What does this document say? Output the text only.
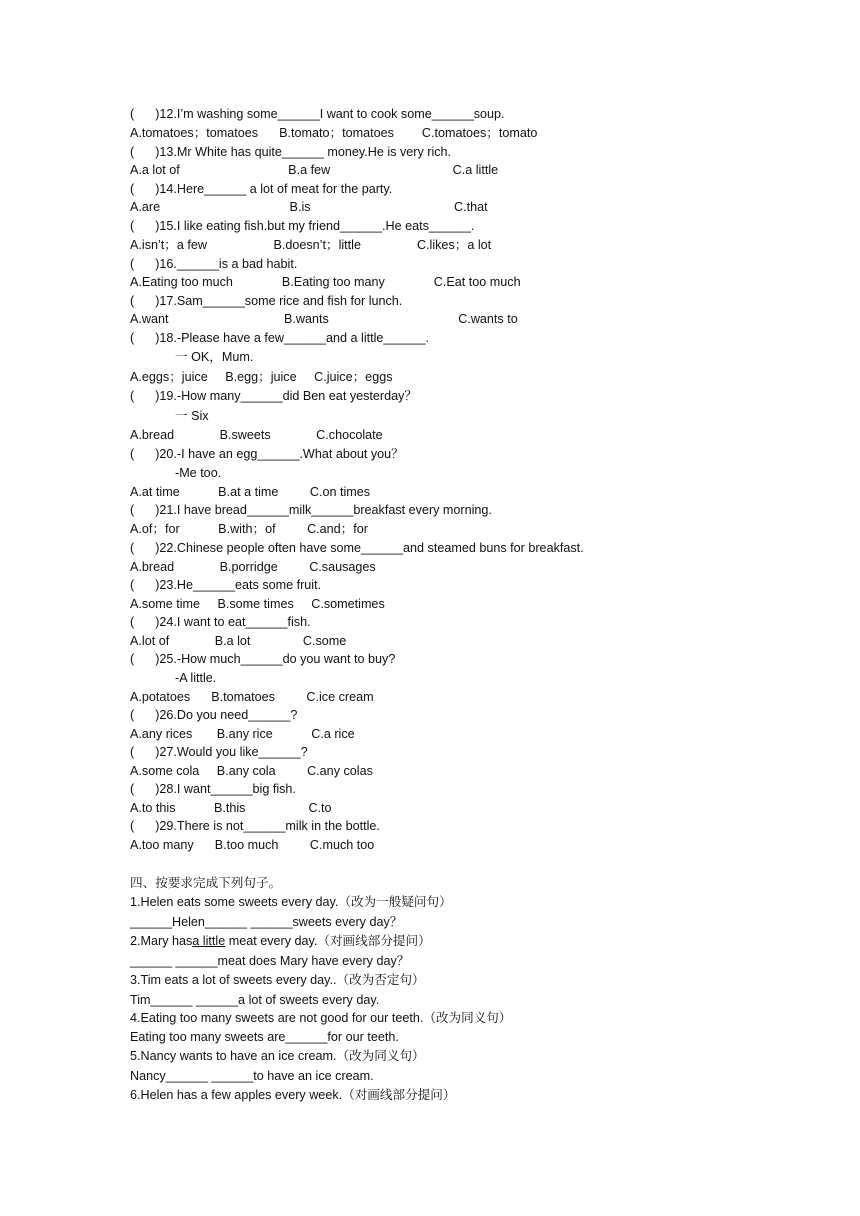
(      )12.I’m washing some______I want to cook some______soup.
A.tomatoes；tomatoes      B.tomato；tomatoes        C.tomatoes；tomato
(      )13.Mr White has quite______ money.He is very rich.
A.a lot of                               B.a few                                   C.a little
(      )14.Here______ a lot of meat for the party.
A.are                                     B.is                                         C.that
(      )15.I like eating fish.but my friend______.He eats______.
A.isn’t；a few                   B.doesn’t；little                C.likes；a lot
(      )16.______is a bad habit.
A.Eating too much              B.Eating too many              C.Eat too much
(      )17.Sam______some rice and fish for lunch.
A.want                                 B.wants                                     C.wants to
(      )18.-Please have a few______and a little______.
一 OK，Mum.
A.eggs；juice     B.egg；juice     C.juice；eggs
(      )19.-How many______did Ben eat yesterday？
一 Six
A.bread             B.sweets             C.chocolate
(      )20.-I have an egg______.What about you？
-Me too.
A.at time           B.at a time         C.on times
(      )21.I have bread______milk______breakfast every morning.
A.of；for           B.with；of         C.and；for
(      )22.Chinese people often have some______and steamed buns for breakfast.
A.bread             B.porridge         C.sausages
(      )23.He______eats some fruit.
A.some time     B.some times     C.sometimes
(      )24.I want to eat______fish.
A.lot of             B.a lot               C.some
(      )25.-How much______do you want to buy?
-A little.
A.potatoes      B.tomatoes         C.ice cream
(      )26.Do you need______?
A.any rices       B.any rice           C.a rice
(      )27.Would you like______?
A.some cola     B.any cola         C.any colas
(      )28.I want______big fish.
A.to this           B.this                  C.to
(      )29.There is not______milk in the bottle.
A.too many      B.too much         C.much too
四、按要求完成下列句子。
1.Helen eats some sweets every day.（改为一般疑问句）
______Helen______ ______sweets every day？
2.Mary hasa little meat every day.（对画线部分提问）
______ ______meat does Mary have every day？
3.Tim eats a lot of sweets every day..（改为否定句）
Tim______ ______a lot of sweets every day.
4.Eating too many sweets are not good for our teeth.（改为同义句）
Eating too many sweets are______for our teeth.
5.Nancy wants to have an ice cream.（改为同义句）
Nancy______ ______to have an ice cream.
6.Helen has a few apples every week.（对画线部分提问）
